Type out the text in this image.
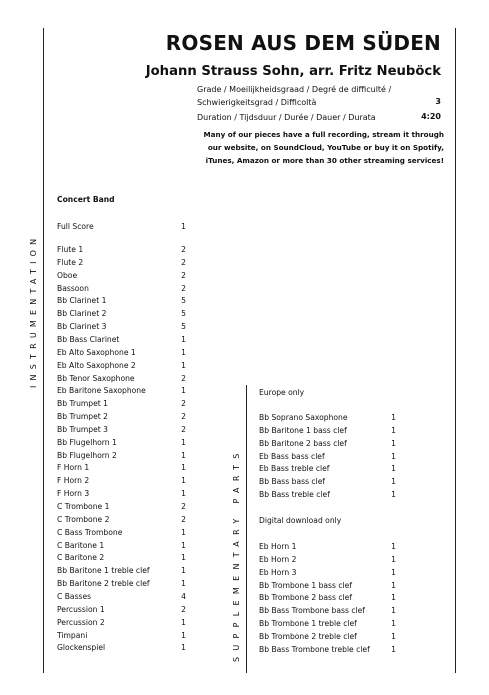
ROSEN AUS DEM SÜDEN
Johann Strauss Sohn, arr. Fritz Neuböck
Grade / Moeilijkheidsgraad / Degré de difficulté /
Schwierigkeitsgrad / Difficoltà	3
Duration / Tijdsduur / Durée / Dauer / Durata	4:20
Many of our pieces have a full recording, stream it through
our website, on SoundCloud, YouTube or buy it on Spotify,
iTunes, Amazon or more than 30 other streaming services!
INSTRUMENTATION
SUPPLEMENTARY PARTS
Concert Band
Full Score	1
Flute 1	2
Flute 2	2
Oboe	2
Bassoon	2
Bb Clarinet 1	5
Bb Clarinet 2	5
Bb Clarinet 3	5
Bb Bass Clarinet	1
Eb Alto Saxophone 1	1
Eb Alto Saxophone 2	1
Bb Tenor Saxophone	2
Eb Baritone Saxophone	1
Bb Trumpet 1	2
Bb Trumpet 2	2
Bb Trumpet 3	2
Bb Flugelhorn 1	1
Bb Flugelhorn 2	1
F Horn 1	1
F Horn 2	1
F Horn 3	1
C Trombone 1	2
C Trombone 2	2
C Bass Trombone	1
C Baritone 1	1
C Baritone 2	1
Bb Baritone 1 treble clef	1
Bb Baritone 2 treble clef	1
C Basses	4
Percussion 1	2
Percussion 2	1
Timpani	1
Glockenspiel	1
Europe only
Bb Soprano Saxophone	1
Bb Baritone 1 bass clef	1
Bb Baritone 2 bass clef	1
Eb Bass bass clef	1
Eb Bass treble clef	1
Bb Bass bass clef	1
Bb Bass treble clef	1
Digital download only
Eb Horn 1	1
Eb Horn 2	1
Eb Horn 3	1
Bb Trombone 1 bass clef	1
Bb Trombone 2 bass clef	1
Bb Bass Trombone bass clef	1
Bb Trombone 1 treble clef	1
Bb Trombone 2 treble clef	1
Bb Bass Trombone treble clef	1
